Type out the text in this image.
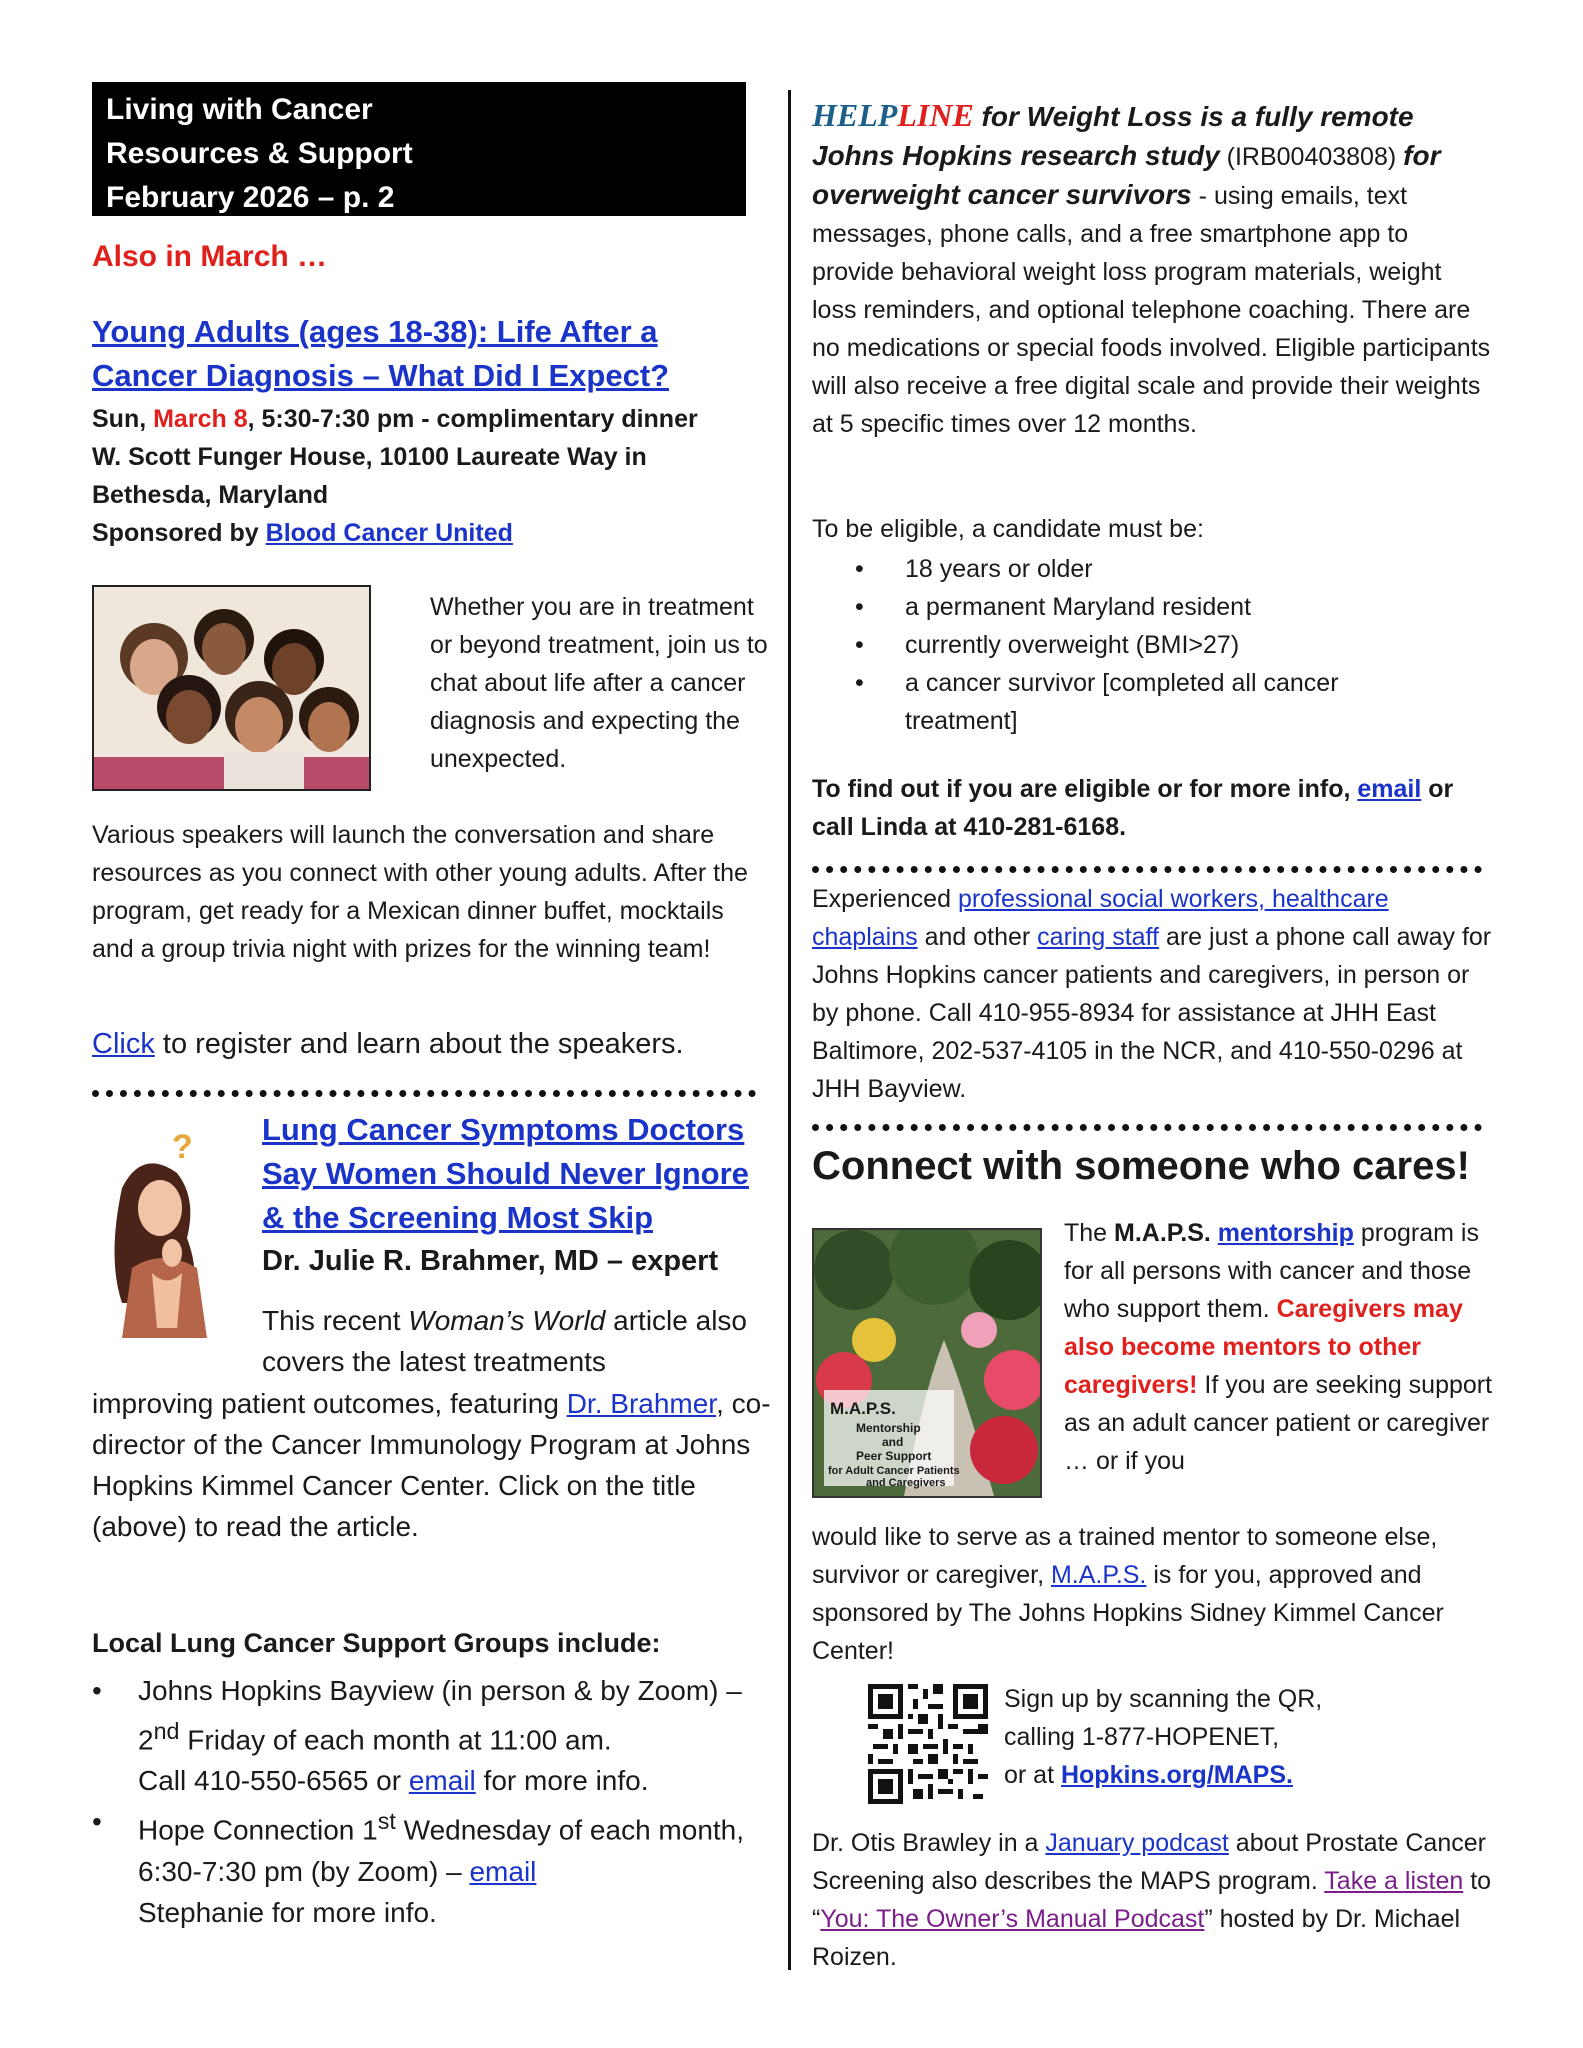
Living with Cancer
Resources & Support
February 2026 – p. 2
Also in March …
Young Adults (ages 18-38): Life After a
Cancer Diagnosis – What Did I Expect?
Sun, March 8, 5:30-7:30 pm - complimentary dinner
W. Scott Funger House, 10100 Laureate Way in
Bethesda, Maryland
Sponsored by Blood Cancer United
Whether you are in treatment or beyond treatment, join us to chat about life after a cancer diagnosis and expecting the unexpected.
Various speakers will launch the conversation and share resources as you connect with other young adults. After the program, get ready for a Mexican dinner buffet, mocktails and a group trivia night with prizes for the winning team!
Click to register and learn about the speakers.
? Lung Cancer Symptoms Doctors
Say Women Should Never Ignore
& the Screening Most Skip
Dr. Julie R. Brahmer, MD – expert
This recent Woman’s World article also covers the latest treatments
improving patient outcomes, featuring Dr. Brahmer, co-director of the Cancer Immunology Program at Johns Hopkins Kimmel Cancer Center. Click on the title (above) to read the article.
Local Lung Cancer Support Groups include:
• Johns Hopkins Bayview (in person & by Zoom) – 2nd Friday of each month at 11:00 am.
Call 410-550-6565 or email for more info.
• Hope Connection 1st Wednesday of each month, 6:30-7:30 pm (by Zoom) – email
Stephanie for more info.
HELPLINE for Weight Loss is a fully remote
Johns Hopkins research study (IRB00403808) for
overweight cancer survivors - using emails, text messages, phone calls, and a free smartphone app to provide behavioral weight loss program materials, weight loss reminders, and optional telephone coaching. There are no medications or special foods involved. Eligible participants will also receive a free digital scale and provide their weights at 5 specific times over 12 months.
To be eligible, a candidate must be:
• 18 years or older
• a permanent Maryland resident
• currently overweight (BMI>27)
• a cancer survivor [completed all cancer treatment]
To find out if you are eligible or for more info, email or call Linda at 410-281-6168.
Experienced professional social workers, healthcare chaplains and other caring staff are just a phone call away for Johns Hopkins cancer patients and caregivers, in person or by phone. Call 410-955-8934 for assistance at JHH East Baltimore, 202-537-4105 in the NCR, and 410-550-0296 at JHH Bayview.
Connect with someone who cares!
M.A.P.S.
Mentorship
and
Peer Support
for Adult Cancer Patients
and Caregivers
The M.A.P.S. mentorship program is for all persons with cancer and those who support them. Caregivers may also become mentors to other caregivers! If you are seeking support as an adult cancer patient or caregiver … or if you
would like to serve as a trained mentor to someone else, survivor or caregiver, M.A.P.S. is for you, approved and sponsored by The Johns Hopkins Sidney Kimmel Cancer Center!
Sign up by scanning the QR,
calling 1-877-HOPENET,
or at Hopkins.org/MAPS.
Dr. Otis Brawley in a January podcast about Prostate Cancer Screening also describes the MAPS program. Take a listen to “You: The Owner’s Manual Podcast” hosted by Dr. Michael Roizen.
